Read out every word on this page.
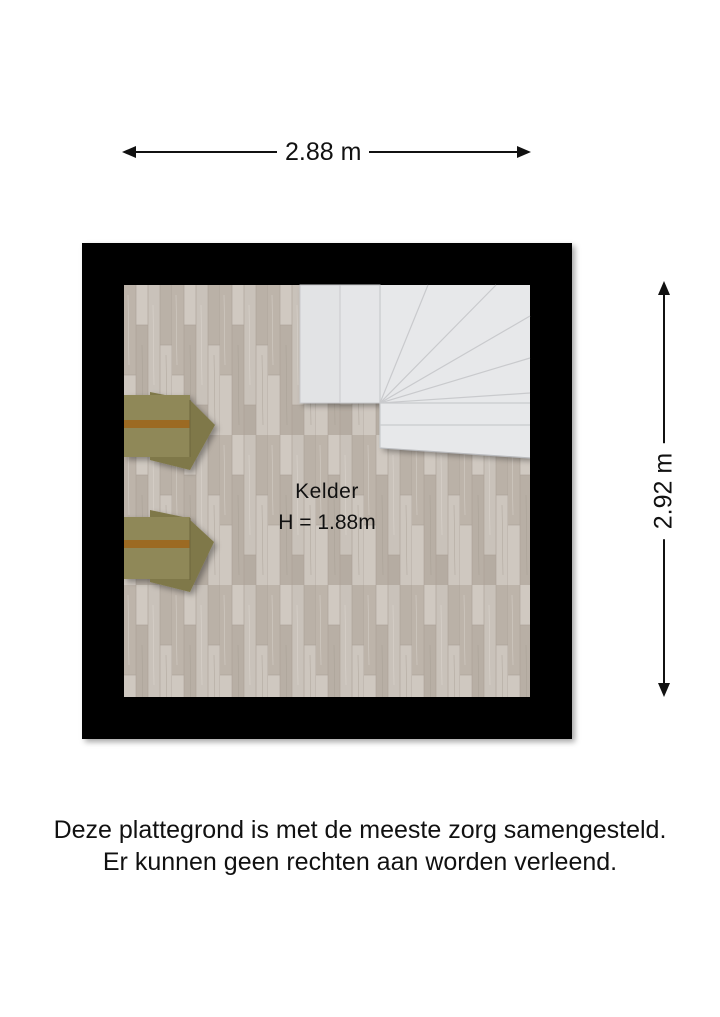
2.88 m
2.92 m
Kelder
H = 1.88m
Deze plattegrond is met de meeste zorg samengesteld.
Er kunnen geen rechten aan worden verleend.
